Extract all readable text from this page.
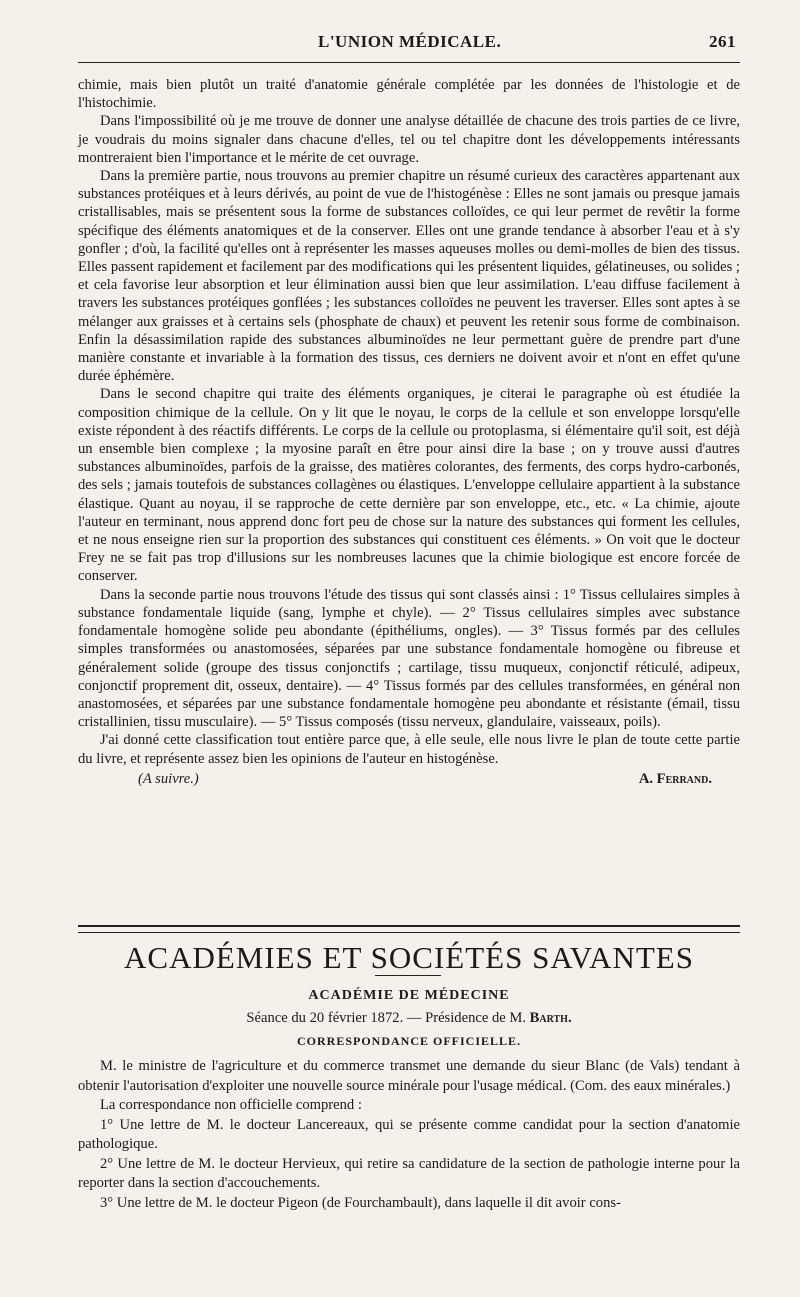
L'UNION MÉDICALE.	261

chimie, mais bien plutôt un traité d'anatomie générale complétée par les données de l'histologie et de l'histochimie.

Dans l'impossibilité où je me trouve de donner une analyse détaillée de chacune des trois parties de ce livre, je voudrais du moins signaler dans chacune d'elles, tel ou tel chapitre dont les développements intéressants montreraient bien l'importance et le mérite de cet ouvrage.

Dans la première partie, nous trouvons au premier chapitre un résumé curieux des caractères appartenant aux substances protéiques et à leurs dérivés, au point de vue de l'histogénèse : Elles ne sont jamais ou presque jamais cristallisables, mais se présentent sous la forme de substances colloïdes, ce qui leur permet de revêtir la forme spécifique des éléments anatomiques et de la conserver. Elles ont une grande tendance à absorber l'eau et à s'y gonfler ; d'où, la facilité qu'elles ont à représenter les masses aqueuses molles ou demi-molles de bien des tissus. Elles passent rapidement et facilement par des modifications qui les présentent liquides, gélatineuses, ou solides ; et cela favorise leur absorption et leur élimination aussi bien que leur assimilation. L'eau diffuse facilement à travers les substances protéiques gonflées ; les substances colloïdes ne peuvent les traverser. Elles sont aptes à se mélanger aux graisses et à certains sels (phosphate de chaux) et peuvent les retenir sous forme de combinaison. Enfin la désassimilation rapide des substances albuminoïdes ne leur permettant guère de prendre part d'une manière constante et invariable à la formation des tissus, ces derniers ne doivent avoir et n'ont en effet qu'une durée éphémère.

Dans le second chapitre qui traite des éléments organiques, je citerai le paragraphe où est étudiée la composition chimique de la cellule. On y lit que le noyau, le corps de la cellule et son enveloppe lorsqu'elle existe répondent à des réactifs différents. Le corps de la cellule ou protoplasma, si élémentaire qu'il soit, est déjà un ensemble bien complexe ; la myosine paraît en être pour ainsi dire la base ; on y trouve aussi d'autres substances albuminoïdes, parfois de la graisse, des matières colorantes, des ferments, des corps hydro-carbonés, des sels ; jamais toutefois de substances collagènes ou élastiques. L'enveloppe cellulaire appartient à la substance élastique. Quant au noyau, il se rapproche de cette dernière par son enveloppe, etc., etc. « La chimie, ajoute l'auteur en terminant, nous apprend donc fort peu de chose sur la nature des substances qui forment les cellules, et ne nous enseigne rien sur la proportion des substances qui constituent ces éléments. » On voit que le docteur Frey ne se fait pas trop d'illusions sur les nombreuses lacunes que la chimie biologique est encore forcée de conserver.

Dans la seconde partie nous trouvons l'étude des tissus qui sont classés ainsi : 1° Tissus cellulaires simples à substance fondamentale liquide (sang, lymphe et chyle). — 2° Tissus cellulaires simples avec substance fondamentale homogène solide peu abondante (épithéliums, ongles). — 3° Tissus formés par des cellules simples transformées ou anastomosées, séparées par une substance fondamentale homogène ou fibreuse et généralement solide (groupe des tissus conjonctifs ; cartilage, tissu muqueux, conjonctif réticulé, adipeux, conjonctif proprement dit, osseux, dentaire). — 4° Tissus formés par des cellules transformées, en général non anastomosées, et séparées par une substance fondamentale homogène peu abondante et résistante (émail, tissu cristallinien, tissu musculaire). — 5° Tissus composés (tissu nerveux, glandulaire, vaisseaux, poils).

J'ai donné cette classification tout entière parce que, à elle seule, elle nous livre le plan de toute cette partie du livre, et représente assez bien les opinions de l'auteur en histogénèse.

(A suivre.)	A. Ferrand.
ACADÉMIES ET SOCIÉTÉS SAVANTES
ACADÉMIE DE MÉDECINE
Séance du 20 février 1872. — Présidence de M. Barth.
CORRESPONDANCE OFFICIELLE.

M. le ministre de l'agriculture et du commerce transmet une demande du sieur Blanc (de Vals) tendant à obtenir l'autorisation d'exploiter une nouvelle source minérale pour l'usage médical. (Com. des eaux minérales.)

La correspondance non officielle comprend :

1° Une lettre de M. le docteur Lancereaux, qui se présente comme candidat pour la section d'anatomie pathologique.

2° Une lettre de M. le docteur Hervieux, qui retire sa candidature de la section de pathologie interne pour la reporter dans la section d'accouchements.

3° Une lettre de M. le docteur Pigeon (de Fourchambault), dans laquelle il dit avoir cons-
